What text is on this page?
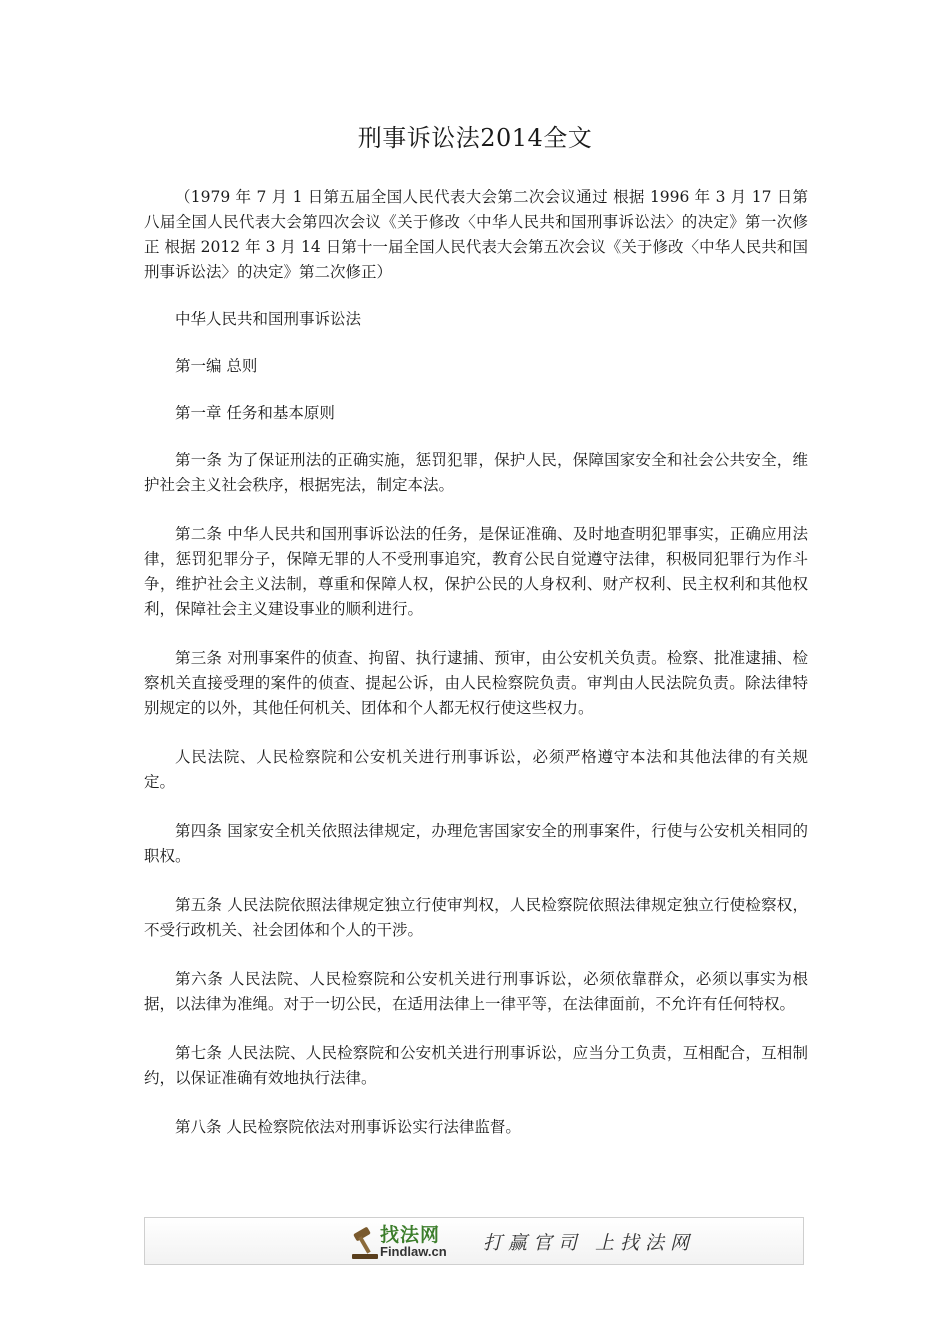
刑事诉讼法2014全文

（1979 年 7 月 1 日第五届全国人民代表大会第二次会议通过 根据 1996 年 3 月 17 日第八届全国人民代表大会第四次会议《关于修改〈中华人民共和国刑事诉讼法〉的决定》第一次修正 根据 2012 年 3 月 14 日第十一届全国人民代表大会第五次会议《关于修改〈中华人民共和国刑事诉讼法〉的决定》第二次修正）

中华人民共和国刑事诉讼法

第一编 总则

第一章 任务和基本原则

第一条 为了保证刑法的正确实施，惩罚犯罪，保护人民，保障国家安全和社会公共安全，维护社会主义社会秩序，根据宪法，制定本法。

第二条 中华人民共和国刑事诉讼法的任务，是保证准确、及时地查明犯罪事实，正确应用法律，惩罚犯罪分子，保障无罪的人不受刑事追究，教育公民自觉遵守法律，积极同犯罪行为作斗争，维护社会主义法制，尊重和保障人权，保护公民的人身权利、财产权利、民主权利和其他权利，保障社会主义建设事业的顺利进行。

第三条 对刑事案件的侦查、拘留、执行逮捕、预审，由公安机关负责。检察、批准逮捕、检察机关直接受理的案件的侦查、提起公诉，由人民检察院负责。审判由人民法院负责。除法律特别规定的以外，其他任何机关、团体和个人都无权行使这些权力。

人民法院、人民检察院和公安机关进行刑事诉讼，必须严格遵守本法和其他法律的有关规定。

第四条 国家安全机关依照法律规定，办理危害国家安全的刑事案件，行使与公安机关相同的职权。

第五条 人民法院依照法律规定独立行使审判权，人民检察院依照法律规定独立行使检察权，不受行政机关、社会团体和个人的干涉。

第六条 人民法院、人民检察院和公安机关进行刑事诉讼，必须依靠群众，必须以事实为根据，以法律为准绳。对于一切公民，在适用法律上一律平等，在法律面前，不允许有任何特权。

第七条 人民法院、人民检察院和公安机关进行刑事诉讼，应当分工负责，互相配合，互相制约，以保证准确有效地执行法律。

第八条 人民检察院依法对刑事诉讼实行法律监督。

找法网
Findlaw.cn 打赢官司 上找法网
